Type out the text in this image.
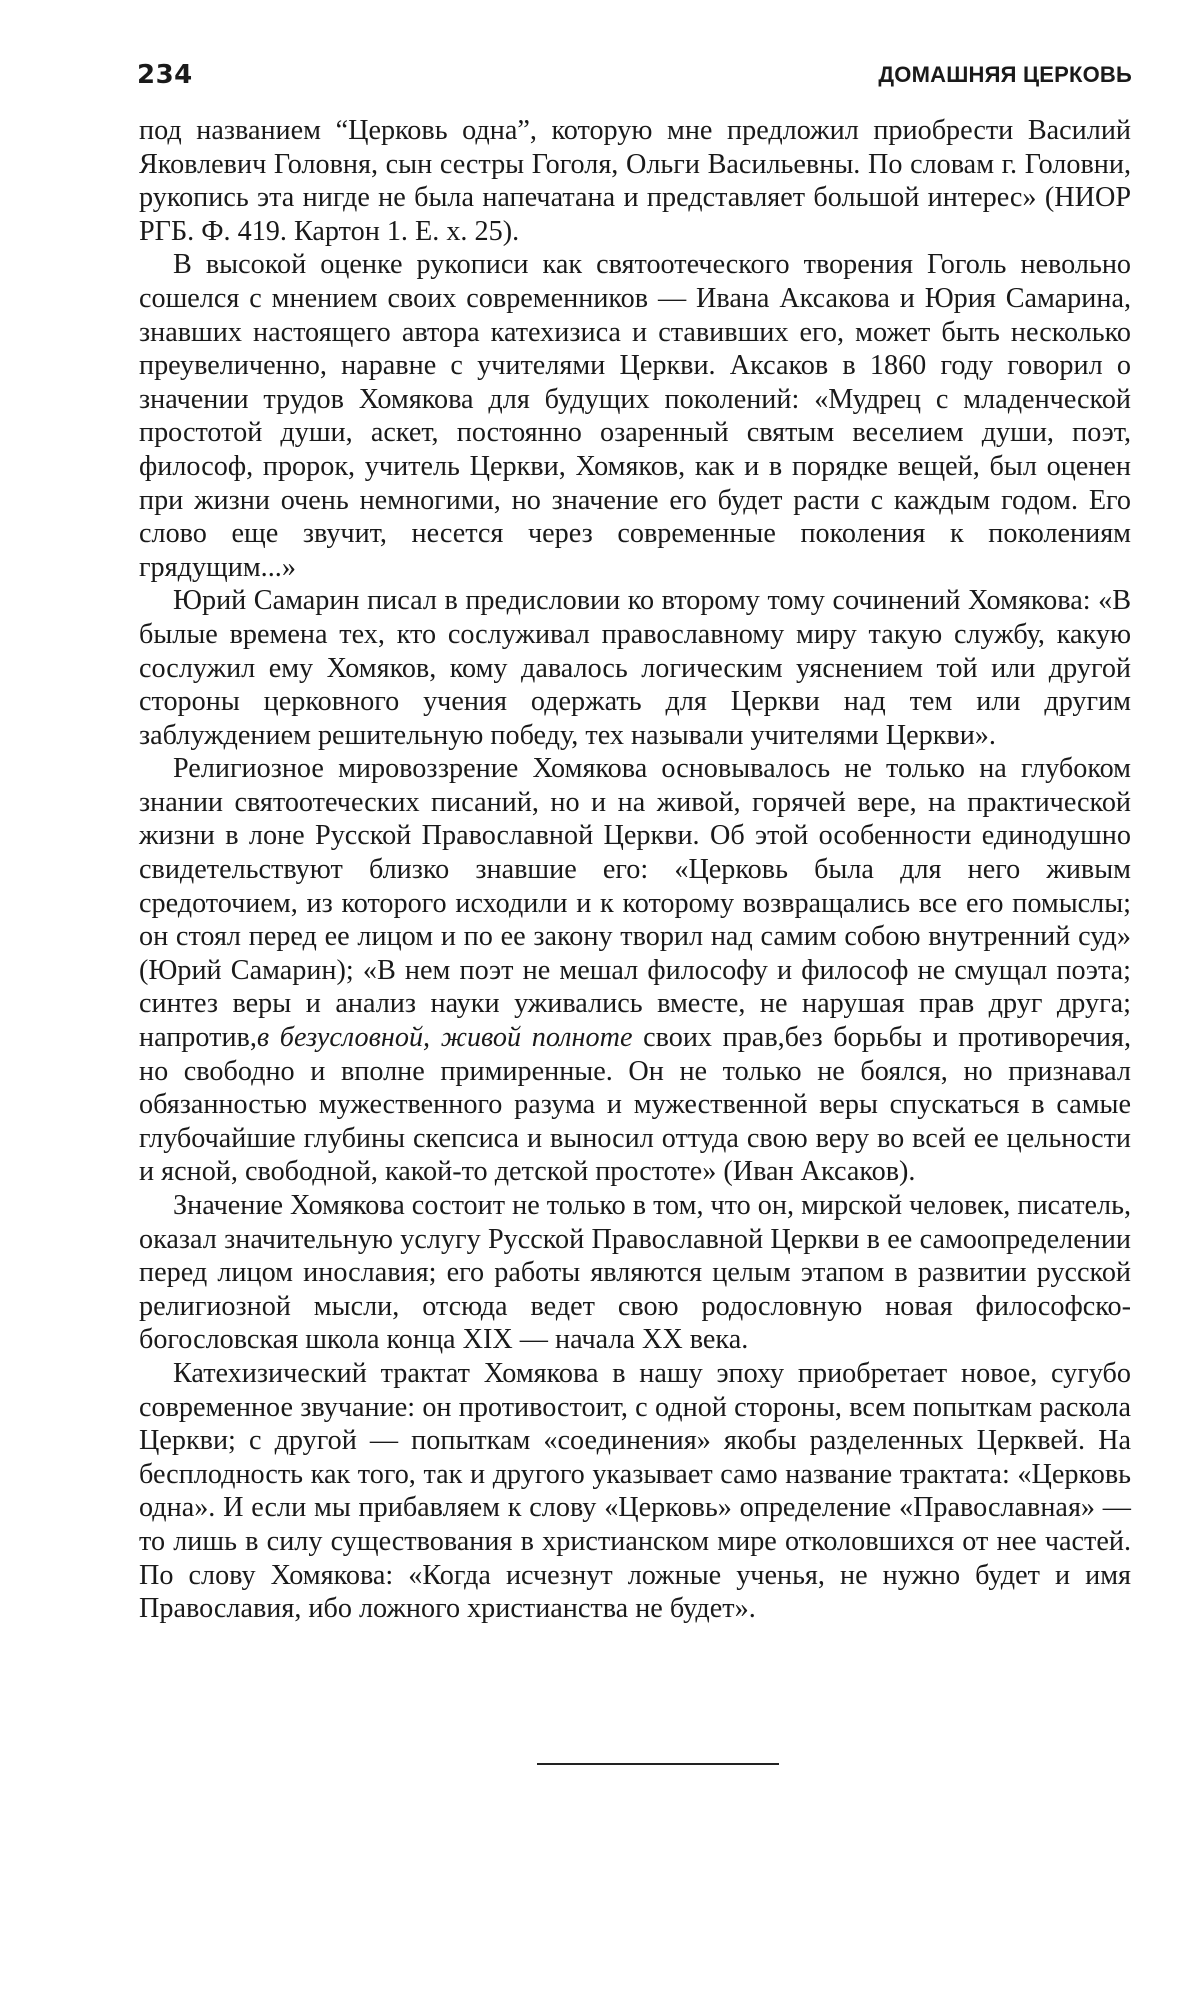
234	ДОМАШНЯЯ ЦЕРКОВЬ

под названием “Церковь одна”, которую мне предложил приобрести Василий Яковлевич Головня, сын сестры Гоголя, Ольги Васильевны. По словам г. Головни, рукопись эта нигде не была напечатана и представляет большой интерес» (НИОР РГБ. Ф. 419. Картон 1. Е. х. 25).

В высокой оценке рукописи как святоотеческого творения Гоголь невольно сошелся с мнением своих современников — Ивана Аксакова и Юрия Самарина, знавших настоящего автора катехизиса и ставивших его, может быть несколько преувеличенно, наравне с учителями Церкви. Аксаков в 1860 году говорил о значении трудов Хомякова для будущих поколений: «Мудрец с младенческой простотой души, аскет, постоянно озаренный святым веселием души, поэт, философ, пророк, учитель Церкви, Хомяков, как и в порядке вещей, был оценен при жизни очень немногими, но значение его будет расти с каждым годом. Его слово еще звучит, несется через современные поколения к поколениям грядущим...»

Юрий Самарин писал в предисловии ко второму тому сочинений Хомякова: «В былые времена тех, кто сослуживал православному миру такую службу, какую сослужил ему Хомяков, кому давалось логическим уяснением той или другой стороны церковного учения одержать для Церкви над тем или другим заблуждением решительную победу, тех называли учителями Церкви».

Религиозное мировоззрение Хомякова основывалось не только на глубоком знании святоотеческих писаний, но и на живой, горячей вере, на практической жизни в лоне Русской Православной Церкви. Об этой особенности единодушно свидетельствуют близко знавшие его: «Церковь была для него живым средоточием, из которого исходили и к которому возвращались все его помыслы; он стоял перед ее лицом и по ее закону творил над самим собою внутренний суд» (Юрий Самарин); «В нем поэт не мешал философу и философ не смущал поэта; синтез веры и анализ науки уживались вместе, не нарушая прав друг друга; напротив,в безусловной, живой полноте своих прав,без борьбы и противоречия, но свободно и вполне примиренные. Он не только не боялся, но признавал обязанностью мужественного разума и мужественной веры спускаться в самые глубочайшие глубины скепсиса и выносил оттуда свою веру во всей ее цельности и ясной, свободной, какой-то детской простоте» (Иван Аксаков).

Значение Хомякова состоит не только в том, что он, мирской человек, писатель, оказал значительную услугу Русской Православной Церкви в ее самоопределении перед лицом инославия; его работы являются целым этапом в развитии русской религиозной мысли, отсюда ведет свою родословную новая философско-богословская школа конца XIX — начала XX века.

Катехизический трактат Хомякова в нашу эпоху приобретает новое, сугубо современное звучание: он противостоит, с одной стороны, всем попыткам раскола Церкви; с другой — попыткам «соединения» якобы разделенных Церквей. На бесплодность как того, так и другого указывает само название трактата: «Церковь одна». И если мы прибавляем к слову «Церковь» определение «Православная» — то лишь в силу существования в христианском мире отколовшихся от нее частей. По слову Хомякова: «Когда исчезнут ложные ученья, не нужно будет и имя Православия, ибо ложного христианства не будет».
